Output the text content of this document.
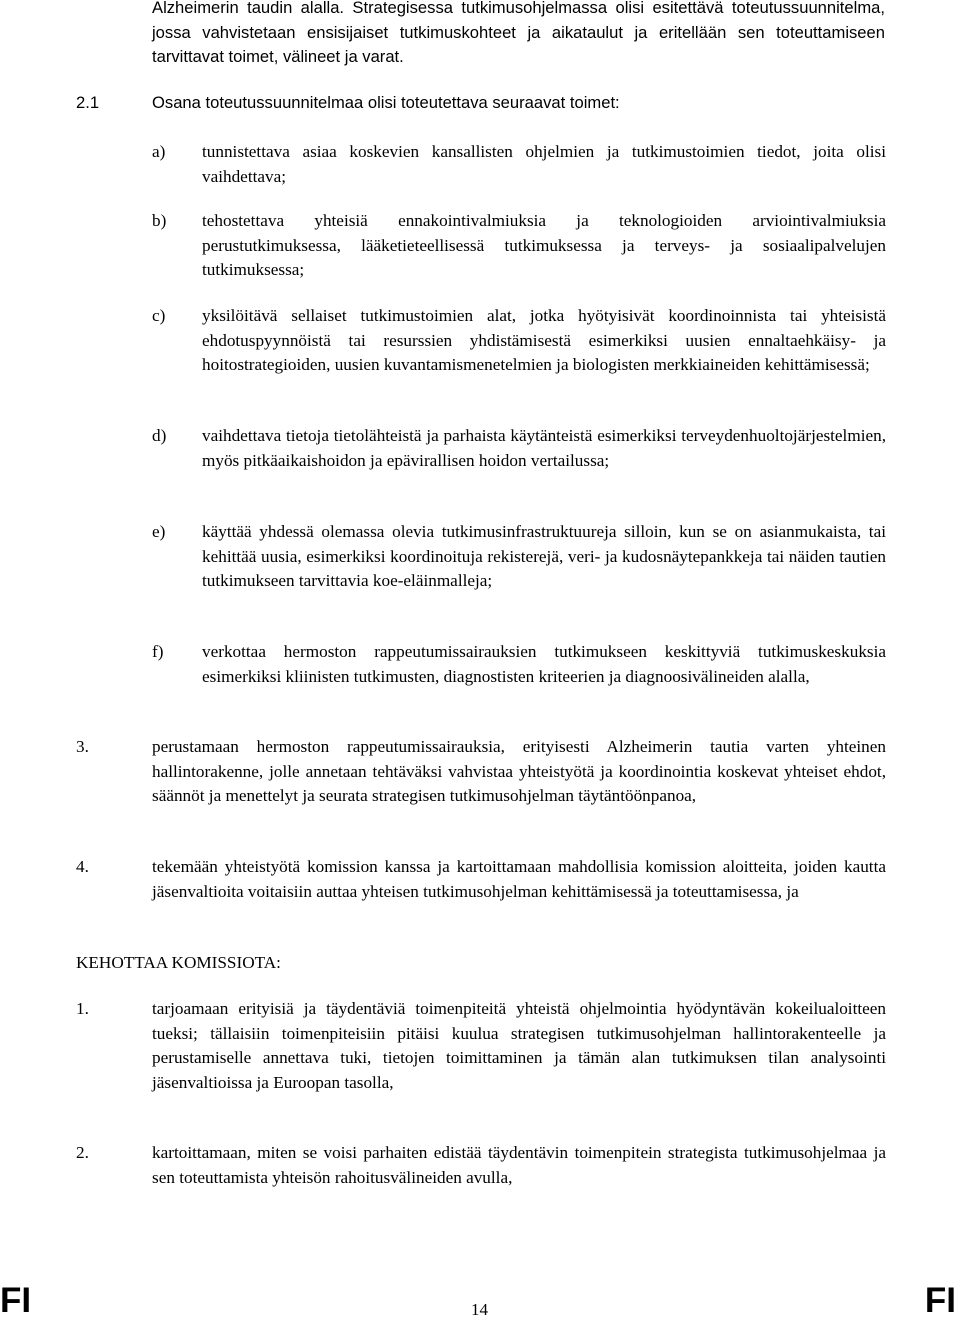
Alzheimerin taudin alalla. Strategisessa tutkimusohjelmassa olisi esitettävä toteutussuunnitelma, jossa vahvistetaan ensisijaiset tutkimuskohteet ja aikataulut ja eritellään sen toteuttamiseen tarvittavat toimet, välineet ja varat.

2.1	Osana toteutussuunnitelmaa olisi toteutettava seuraavat toimet:
a) tunnistettava asiaa koskevien kansallisten ohjelmien ja tutkimustoimien tiedot, joita olisi vaihdettava;

b) tehostettava yhteisiä ennakointivalmiuksia ja teknologioiden arviointivalmiuksia perustutkimuksessa, lääketieteellisessä tutkimuksessa ja terveys- ja sosiaalipalvelujen tutkimuksessa;

c) yksilöitävä sellaiset tutkimustoimien alat, jotka hyötyisivät koordinoinnista tai yhteisistä ehdotuspyynnöistä tai resurssien yhdistämisestä esimerkiksi uusien ennaltaehkäisy- ja hoitostrategioiden, uusien kuvantamismenetelmien ja biologisten merkkiaineiden kehittämisessä;

d) vaihdettava tietoja tietolähteistä ja parhaista käytänteistä esimerkiksi terveydenhuoltojärjestelmien, myös pitkäaikaishoidon ja epävirallisen hoidon vertailussa;

e) käyttää yhdessä olemassa olevia tutkimusinfrastruktuureja silloin, kun se on asianmukaista, tai kehittää uusia, esimerkiksi koordinoituja rekisterejä, veri- ja kudosnäytepankkeja tai näiden tautien tutkimukseen tarvittavia koe-eläinmalleja;

f) verkottaa hermoston rappeutumissairauksien tutkimukseen keskittyviä tutkimuskeskuksia esimerkiksi kliinisten tutkimusten, diagnostisten kriteerien ja diagnoosivälineiden alalla,

3.	perustamaan hermoston rappeutumissairauksia, erityisesti Alzheimerin tautia varten yhteinen hallintorakenne, jolle annetaan tehtäväksi vahvistaa yhteistyötä ja koordinointia koskevat yhteiset ehdot, säännöt ja menettelyt ja seurata strategisen tutkimusohjelman täytäntöönpanoa,

4.	tekemään yhteistyötä komission kanssa ja kartoittamaan mahdollisia komission aloitteita, joiden kautta jäsenvaltioita voitaisiin auttaa yhteisen tutkimusohjelman kehittämisessä ja toteuttamisessa, ja

KEHOTTAA KOMISSIOTA:

1.	tarjoamaan erityisiä ja täydentäviä toimenpiteitä yhteistä ohjelmointia hyödyntävän kokeilualoitteen tueksi; tällaisiin toimenpiteisiin pitäisi kuulua strategisen tutkimusohjelman hallintorakenteelle ja perustamiselle annettava tuki, tietojen toimittaminen ja tämän alan tutkimuksen tilan analysointi jäsenvaltioissa ja Euroopan tasolla,

2.	kartoittamaan, miten se voisi parhaiten edistää täydentävin toimenpitein strategista tutkimusohjelmaa ja sen toteuttamista yhteisön rahoitusvälineiden avulla,

FI	14	FI
